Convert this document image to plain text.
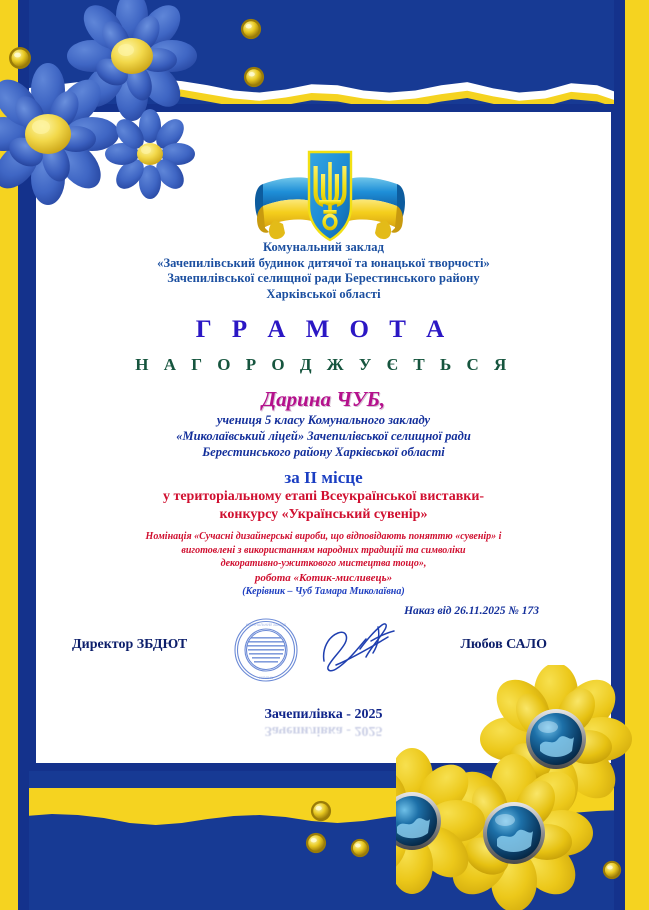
Комунальний заклад
«Зачепилівський будинок дитячої та юнацької творчості»
Зачепилівської селищної ради Берестинського району
Харківської області
Г Р А М О Т А
Н А Г О Р О Д Ж У Є Т Ь С Я
Дарина ЧУБ,
учениця 5 класу Комунального закладу
«Миколаївський ліцей» Зачепилівської селищної ради
Берестинського району Харківської області
за II місце
у територіальному етапі Всеукраїнської виставки-
конкурсу «Український сувенір»
Номінація «Сучасні дизайнерські вироби, що відповідають поняттю «сувенір» і
виготовлені з використанням народних традицій та символіки
декоративно-ужиткового мистецтва тощо»,
робота «Котик-мисливець»
(Керівник – Чуб Тамара Миколаївна)
Наказ від 26.11.2025 № 173
Директор ЗБДЮТ
КОМУНАЛЬНИЙ ЗАКЛАД
УКРАЇНА
Любов САЛО
Зачепилівка - 2025
Зачепилівка - 2025
